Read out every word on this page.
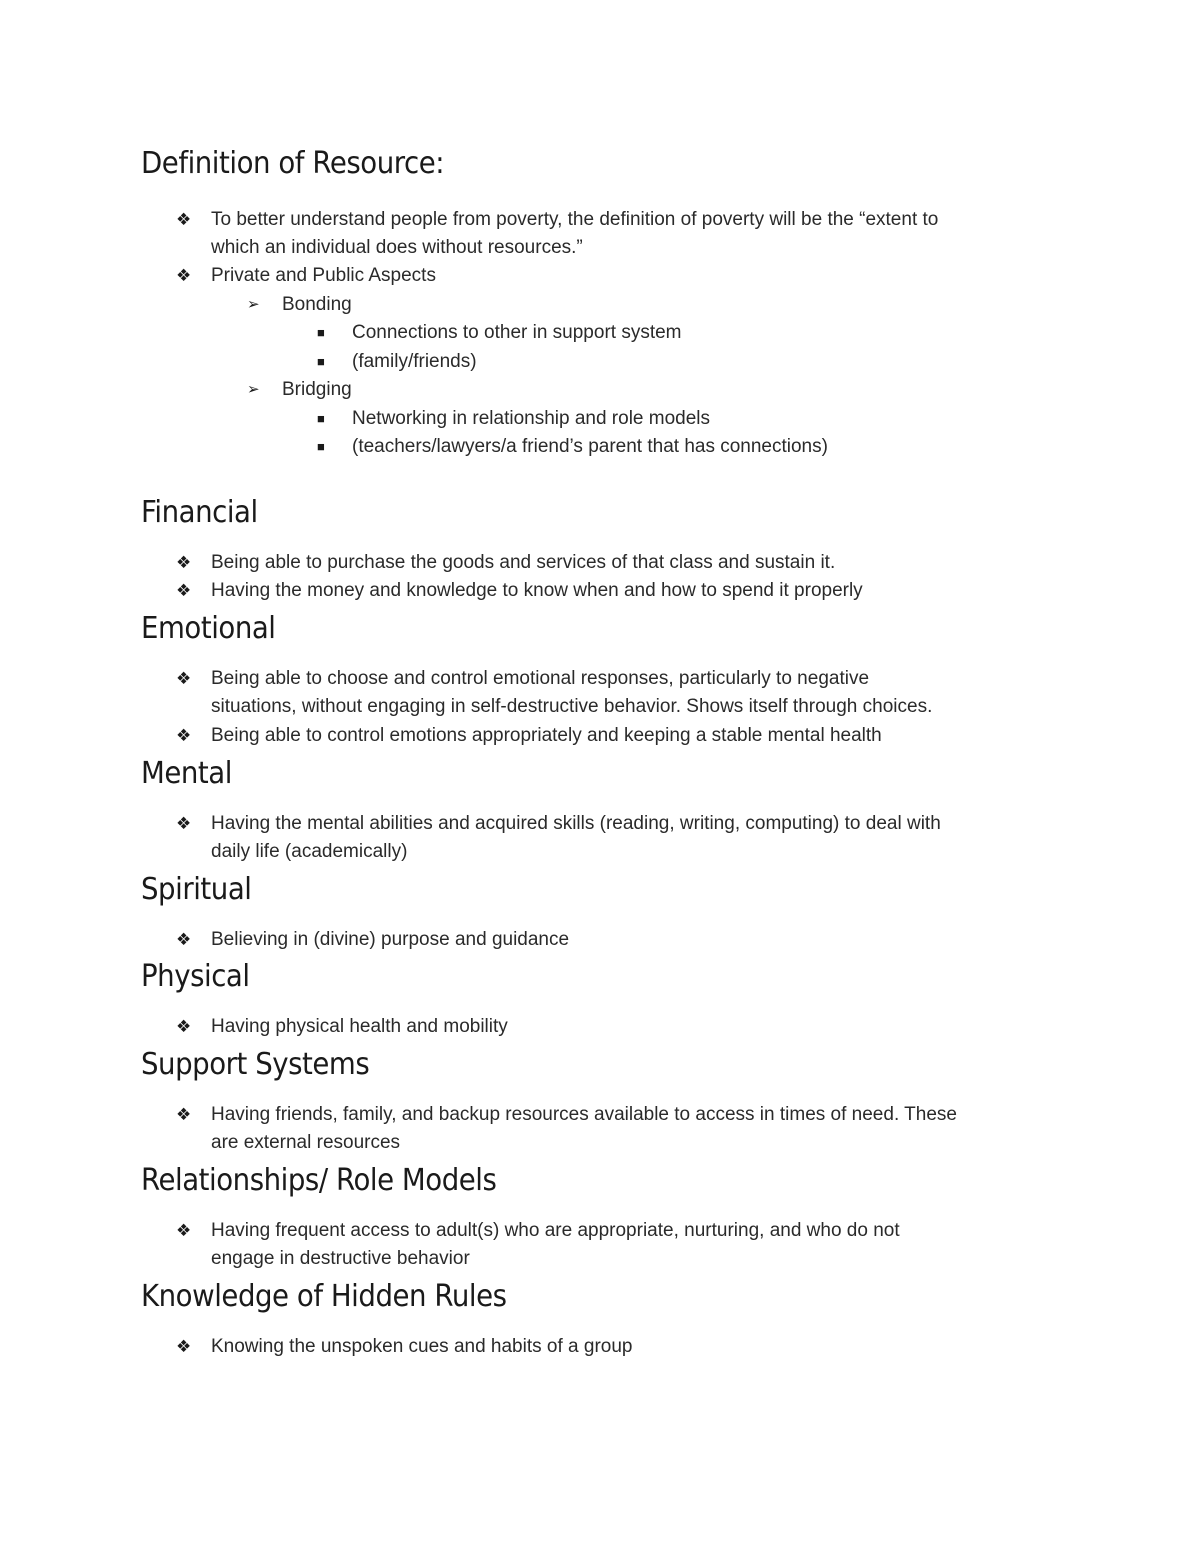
Definition of Resource:
❖ To better understand people from poverty, the definition of poverty will be the “extent to
which an individual does without resources.”
❖ Private and Public Aspects
➢ Bonding
■ Connections to other in support system
■ (family/friends)
➢ Bridging
■ Networking in relationship and role models
■ (teachers/lawyers/a friend’s parent that has connections)
Financial
❖ Being able to purchase the goods and services of that class and sustain it.
❖ Having the money and knowledge to know when and how to spend it properly
Emotional
❖ Being able to choose and control emotional responses, particularly to negative
situations, without engaging in self-destructive behavior. Shows itself through choices.
❖ Being able to control emotions appropriately and keeping a stable mental health
Mental
❖ Having the mental abilities and acquired skills (reading, writing, computing) to deal with
daily life (academically)
Spiritual
❖ Believing in (divine) purpose and guidance
Physical
❖ Having physical health and mobility
Support Systems
❖ Having friends, family, and backup resources available to access in times of need. These
are external resources
Relationships/ Role Models
❖ Having frequent access to adult(s) who are appropriate, nurturing, and who do not
engage in destructive behavior
Knowledge of Hidden Rules
❖ Knowing the unspoken cues and habits of a group
